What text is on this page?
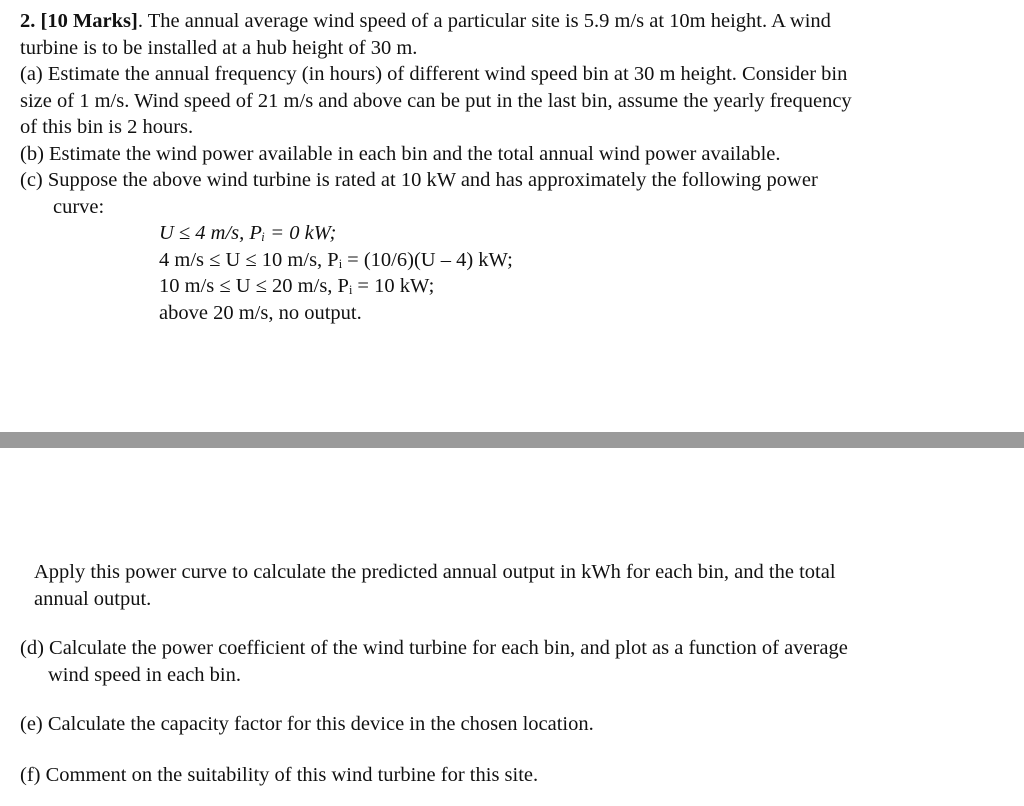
2. [10 Marks]. The annual average wind speed of a particular site is 5.9 m/s at 10m height. A wind
turbine is to be installed at a hub height of 30 m.
(a) Estimate the annual frequency (in hours) of different wind speed bin at 30 m height. Consider bin
size of 1 m/s. Wind speed of 21 m/s and above can be put in the last bin, assume the yearly frequency
of this bin is 2 hours.
(b) Estimate the wind power available in each bin and the total annual wind power available.
(c) Suppose the above wind turbine is rated at 10 kW and has approximately the following power
curve:
U ≤ 4 m/s, Pᵢ = 0 kW;
4 m/s ≤ U ≤ 10 m/s, Pᵢ = (10/6)(U – 4) kW;
10 m/s ≤ U ≤ 20 m/s, Pᵢ = 10 kW;
above 20 m/s, no output.
Apply this power curve to calculate the predicted annual output in kWh for each bin, and the total
annual output.
(d) Calculate the power coefficient of the wind turbine for each bin, and plot as a function of average
wind speed in each bin.
(e) Calculate the capacity factor for this device in the chosen location.
(f) Comment on the suitability of this wind turbine for this site.
